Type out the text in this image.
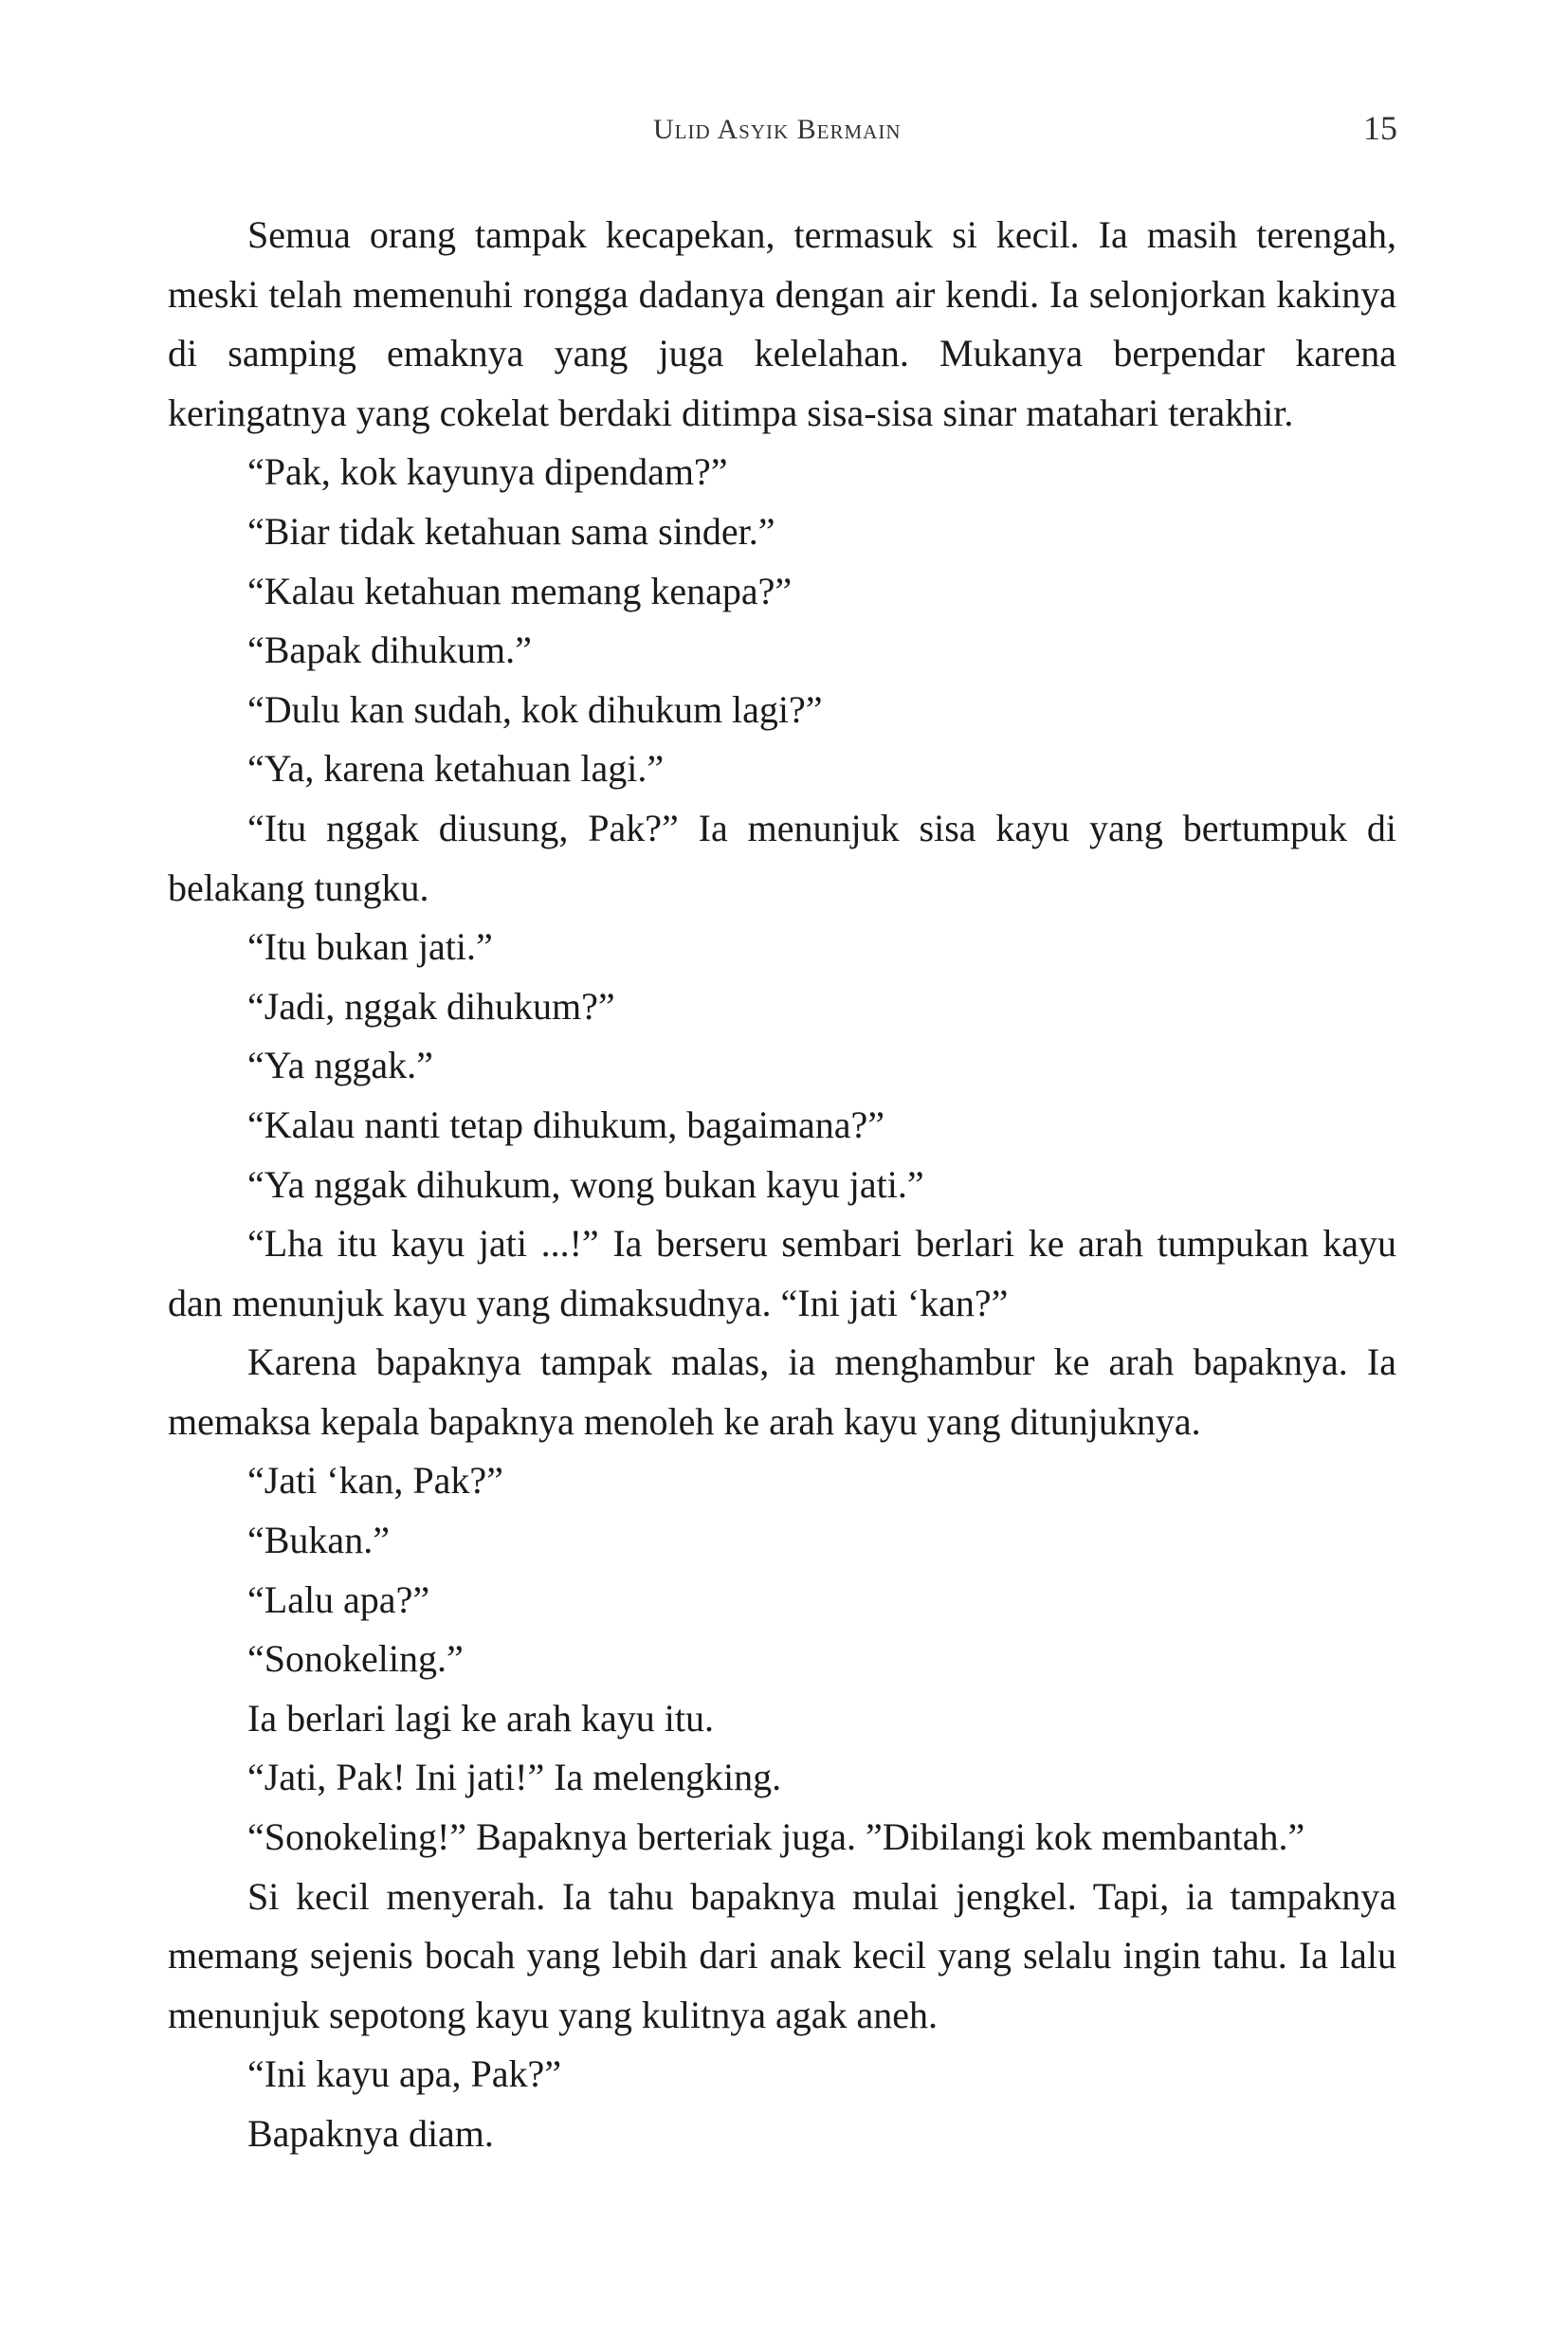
Ulid Asyik Bermain	15

Semua orang tampak kecapekan, termasuk si kecil. Ia masih terengah, meski telah memenuhi rongga dadanya dengan air kendi. Ia selonjorkan kakinya di samping emaknya yang juga kelelahan. Mukanya berpendar karena keringatnya yang cokelat berdaki ditimpa sisa-sisa sinar matahari terakhir.

“Pak, kok kayunya dipendam?”

“Biar tidak ketahuan sama sinder.”

“Kalau ketahuan memang kenapa?”

“Bapak dihukum.”

“Dulu kan sudah, kok dihukum lagi?”

“Ya, karena ketahuan lagi.”

“Itu nggak diusung, Pak?” Ia menunjuk sisa kayu yang bertumpuk di belakang tungku.

“Itu bukan jati.”

“Jadi, nggak dihukum?”

“Ya nggak.”

“Kalau nanti tetap dihukum, bagaimana?”

“Ya nggak dihukum, wong bukan kayu jati.”

“Lha itu kayu jati ...!” Ia berseru sembari berlari ke arah tumpukan kayu dan menunjuk kayu yang dimaksudnya. “Ini jati ‘kan?”

Karena bapaknya tampak malas, ia menghambur ke arah bapaknya. Ia memaksa kepala bapaknya menoleh ke arah kayu yang ditunjuknya.

“Jati ‘kan, Pak?”

“Bukan.”

“Lalu apa?”

“Sonokeling.”

Ia berlari lagi ke arah kayu itu.

“Jati, Pak! Ini jati!” Ia melengking.

“Sonokeling!” Bapaknya berteriak juga. ”Dibilangi kok membantah.”

Si kecil menyerah. Ia tahu bapaknya mulai jengkel. Tapi, ia tampaknya memang sejenis bocah yang lebih dari anak kecil yang selalu ingin tahu. Ia lalu menunjuk sepotong kayu yang kulitnya agak aneh.

“Ini kayu apa, Pak?”

Bapaknya diam.
